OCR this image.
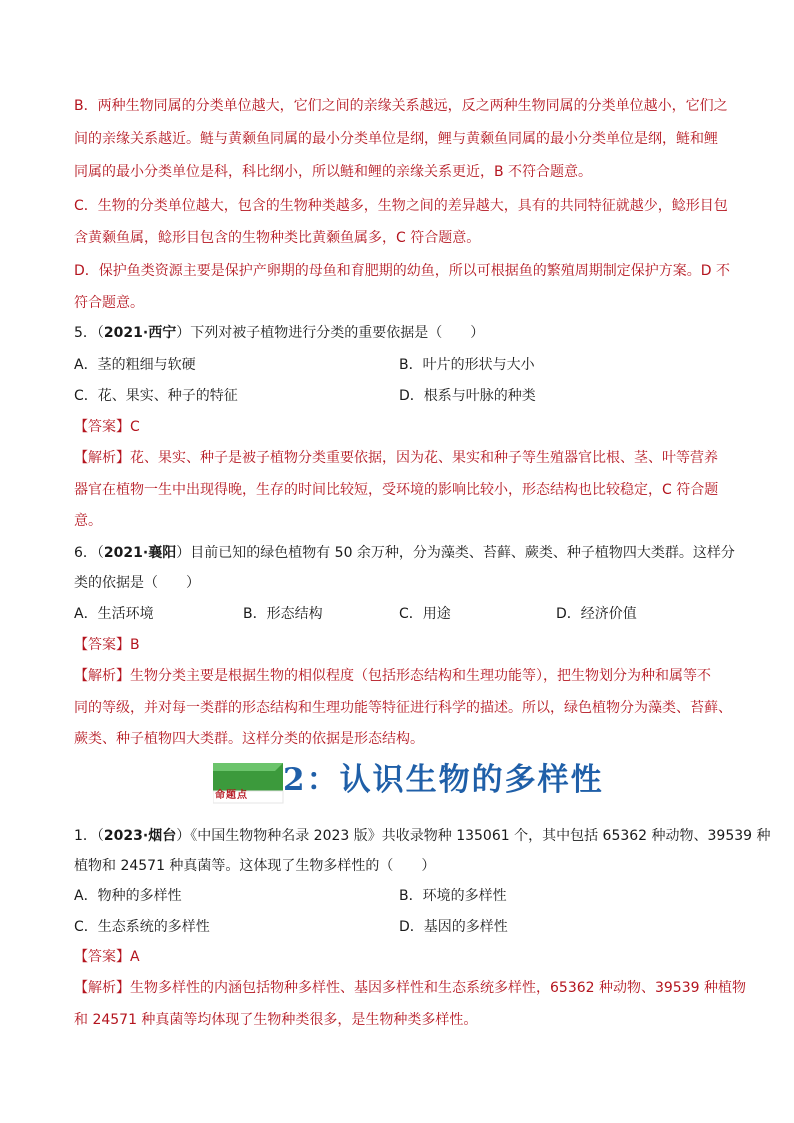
B．两种生物同属的分类单位越大，它们之间的亲缘关系越远，反之两种生物同属的分类单位越小，它们之
间的亲缘关系越近。鲢与黄颡鱼同属的最小分类单位是纲，鲤与黄颡鱼同属的最小分类单位是纲，鲢和鲤
同属的最小分类单位是科，科比纲小，所以鲢和鲤的亲缘关系更近，B 不符合题意。
C．生物的分类单位越大，包含的生物种类越多，生物之间的差异越大，具有的共同特征就越少，鲶形目包
含黄颡鱼属，鲶形目包含的生物种类比黄颡鱼属多，C 符合题意。
D．保护鱼类资源主要是保护产卵期的母鱼和育肥期的幼鱼，所以可根据鱼的繁殖周期制定保护方案。D 不
符合题意。
5．（2021·西宁）下列对被子植物进行分类的重要依据是（　　）
A．茎的粗细与软硬	B．叶片的形状与大小
C．花、果实、种子的特征	D．根系与叶脉的种类
【答案】C
【解析】花、果实、种子是被子植物分类重要依据，因为花、果实和种子等生殖器官比根、茎、叶等营养
器官在植物一生中出现得晚，生存的时间比较短，受环境的影响比较小，形态结构也比较稳定，C 符合题
意。
6．（2021·襄阳）目前已知的绿色植物有 50 余万种，分为藻类、苔藓、蕨类、种子植物四大类群。这样分
类的依据是（　　）
A．生活环境	B．形态结构	C．用途	D．经济价值
【答案】B
【解析】生物分类主要是根据生物的相似程度（包括形态结构和生理功能等），把生物划分为种和属等不
同的等级，并对每一类群的形态结构和生理功能等特征进行科学的描述。所以，绿色植物分为藻类、苔藓、
蕨类、种子植物四大类群。这样分类的依据是形态结构。
命题点 2：认识生物的多样性
1．（2023·烟台）《中国生物物种名录 2023 版》共收录物种 135061 个，其中包括 65362 种动物、39539 种
植物和 24571 种真菌等。这体现了生物多样性的（　　）
A．物种的多样性	B．环境的多样性
C．生态系统的多样性	D．基因的多样性
【答案】A
【解析】生物多样性的内涵包括物种多样性、基因多样性和生态系统多样性，65362 种动物、39539 种植物
和 24571 种真菌等均体现了生物种类很多，是生物种类多样性。
